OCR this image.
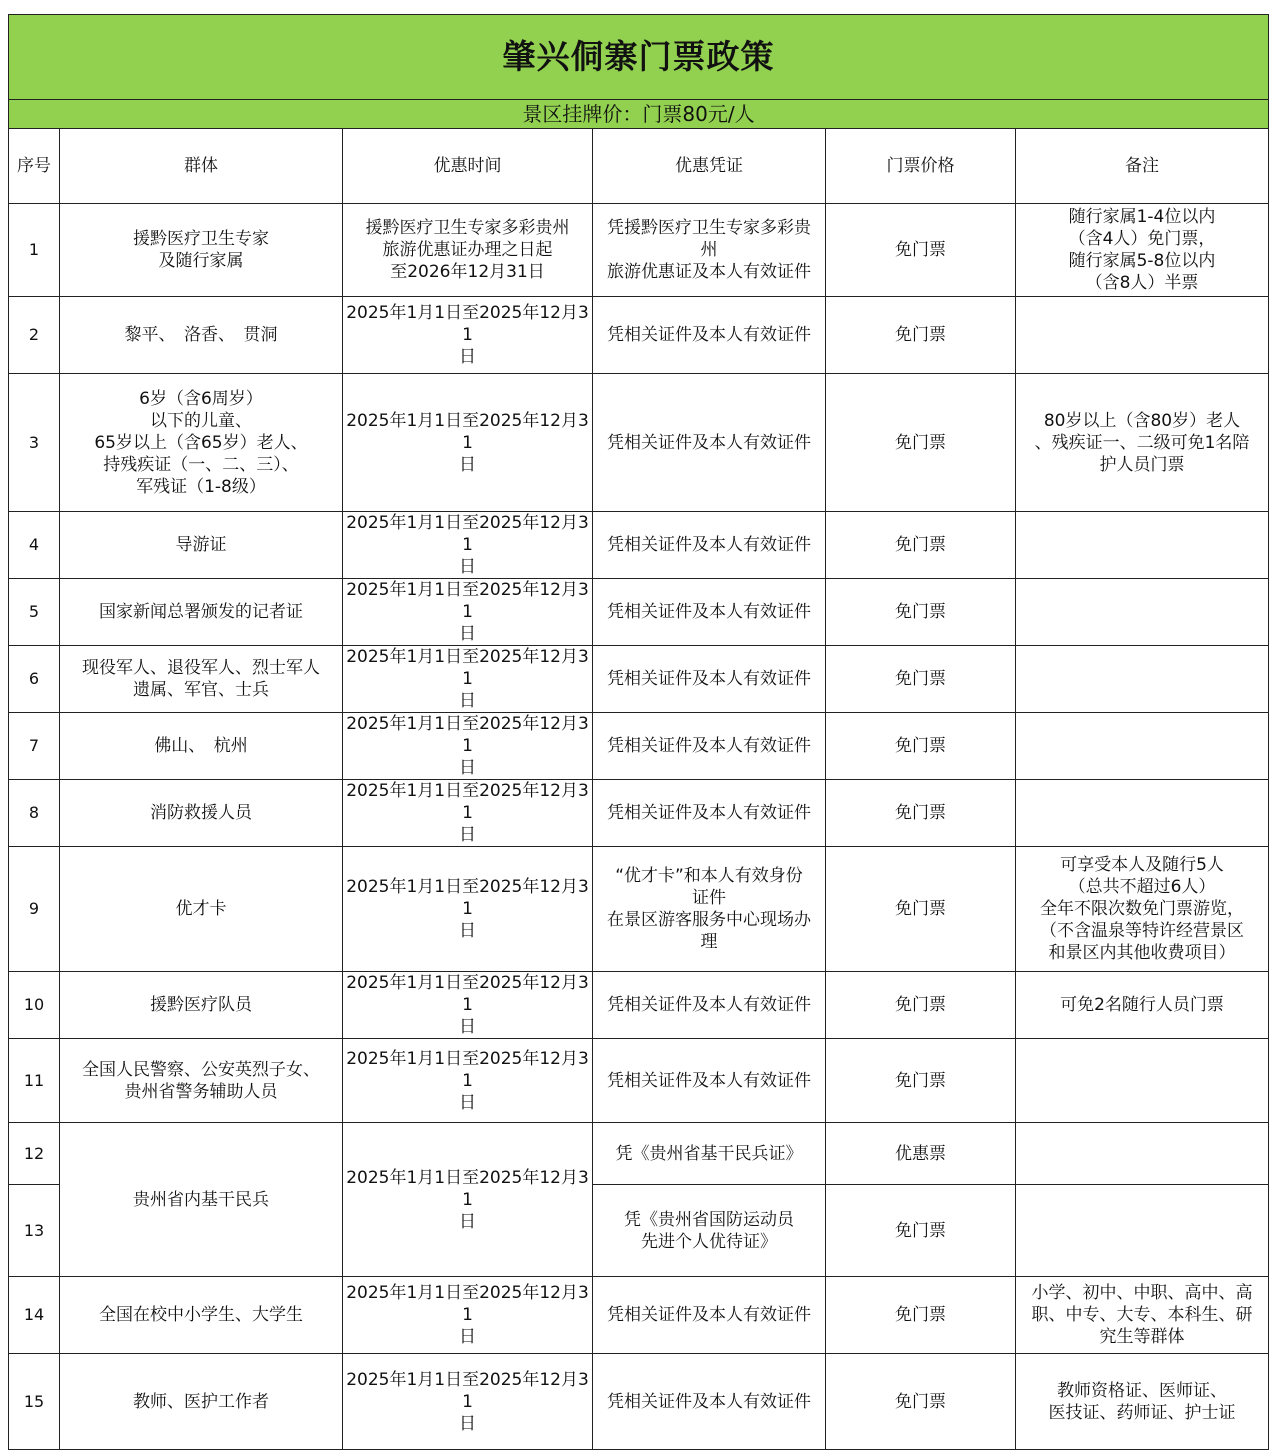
肇兴侗寨门票政策					
景区挂牌价：门票80元/人					
序号	群体	优惠时间	优惠凭证	门票价格	备注
1	援黔医疗卫生专家
及随行家属	援黔医疗卫生专家多彩贵州
旅游优惠证办理之日起
至2026年12月31日	凭援黔医疗卫生专家多彩贵
州
旅游优惠证及本人有效证件	免门票	随行家属1-4位以内
（含4人）免门票，
随行家属5-8位以内
（含8人）半票
2	黎平、　洛香、　贯洞	2025年1月1日至2025年12月31
日	凭相关证件及本人有效证件	免门票	
3	6岁（含6周岁）
以下的儿童、
65岁以上（含65岁）老人、
持残疾证（一、二、三）、
军残证（1-8级）	2025年1月1日至2025年12月31
日	凭相关证件及本人有效证件	免门票	80岁以上（含80岁）老人
、残疾证一、二级可免1名陪
护人员门票
4	导游证	2025年1月1日至2025年12月31
日	凭相关证件及本人有效证件	免门票	
5	国家新闻总署颁发的记者证	2025年1月1日至2025年12月31
日	凭相关证件及本人有效证件	免门票	
6	现役军人、退役军人、烈士军人
遗属、军官、士兵	2025年1月1日至2025年12月31
日	凭相关证件及本人有效证件	免门票	
7	佛山、　杭州	2025年1月1日至2025年12月31
日	凭相关证件及本人有效证件	免门票	
8	消防救援人员	2025年1月1日至2025年12月31
日	凭相关证件及本人有效证件	免门票	
9	优才卡	2025年1月1日至2025年12月31
日	“优才卡”和本人有效身份
证件
在景区游客服务中心现场办
理	免门票	可享受本人及随行5人
（总共不超过6人）
全年不限次数免门票游览，
（不含温泉等特许经营景区
和景区内其他收费项目）
10	援黔医疗队员	2025年1月1日至2025年12月31
日	凭相关证件及本人有效证件	免门票	可免2名随行人员门票
11	全国人民警察、公安英烈子女、
贵州省警务辅助人员	2025年1月1日至2025年12月31
日	凭相关证件及本人有效证件	免门票	
12	贵州省内基干民兵	2025年1月1日至2025年12月31
日	凭《贵州省基干民兵证》	优惠票	
13			凭《贵州省国防运动员
先进个人优待证》	免门票	
14	全国在校中小学生、大学生	2025年1月1日至2025年12月31
日	凭相关证件及本人有效证件	免门票	小学、初中、中职、高中、高
职、中专、大专、本科生、研
究生等群体
15	教师、医护工作者	2025年1月1日至2025年12月31
日	凭相关证件及本人有效证件	免门票	教师资格证、医师证、
医技证、药师证、护士证
